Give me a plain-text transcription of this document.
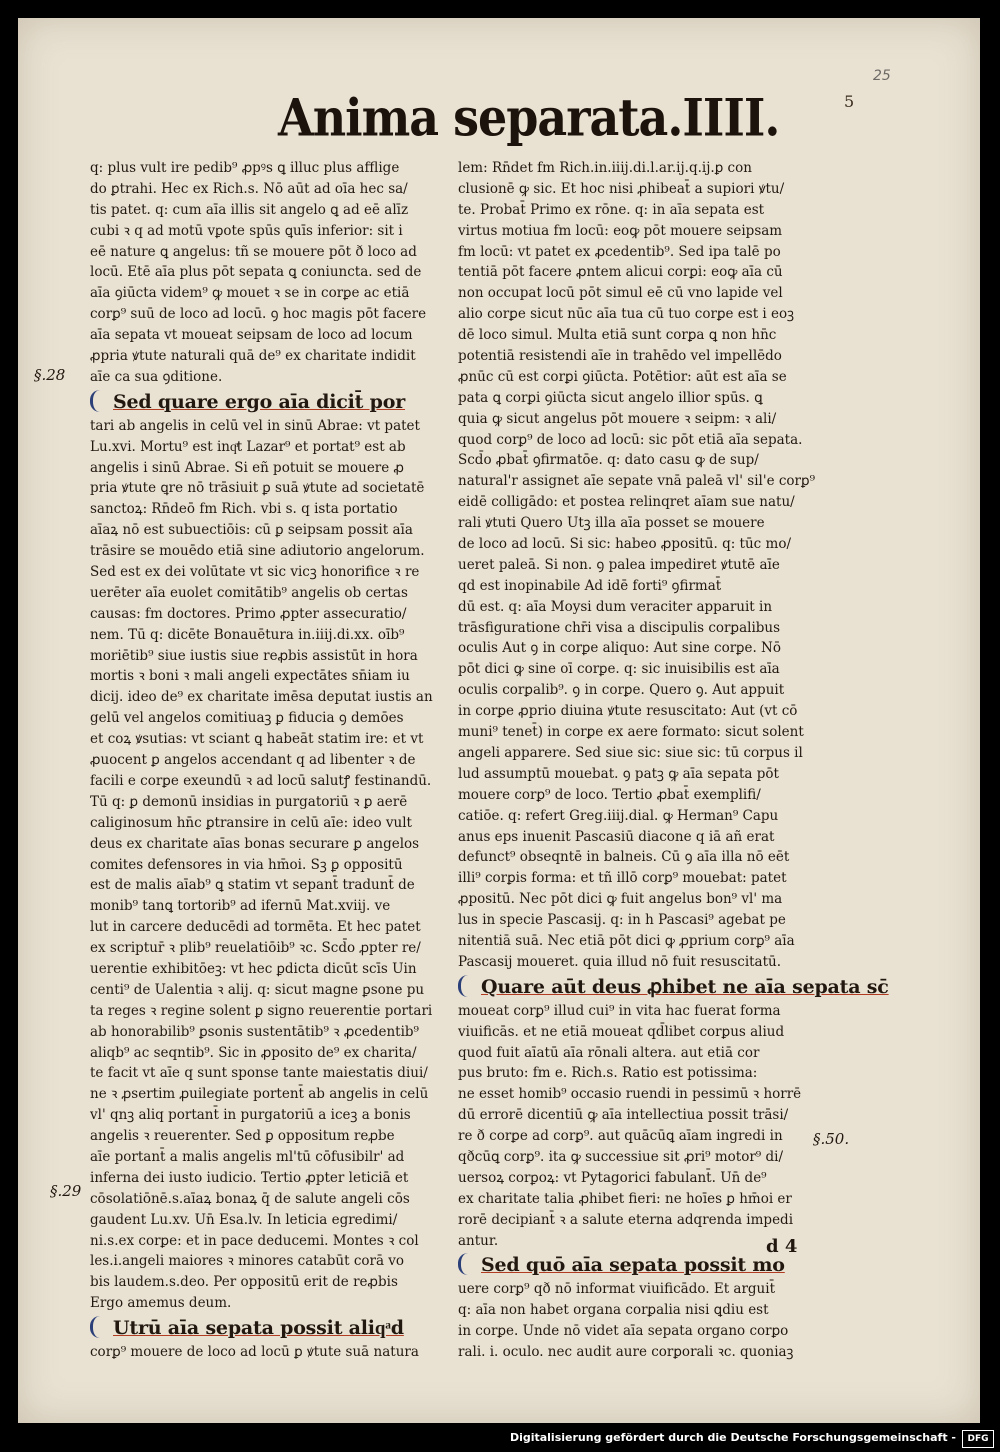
25

5

Anima separata.IIII.

q: plus vult ire pedib⁹ ꝓpꝰs ꝗ illuc plus afflige

do ꝑtrahi. Hec ex Rich.s. Nō aūt ad oīa hec sa/

tis patet. q: cum aīa illis sit angelo ꝗ ad eē alīz

cubi ꝛ q ad motū vꝑote spūs ꝗuīs inferior: sit i

eē nature ꝗ angelus: tñ se mouere pōt ð loco ad

locū. Etē aīa plus pōt sepata ꝗ coniuncta. sed de

aīa ꝯiūcta videm⁹ ꝙ mouet ꝛ se in corꝑe ac etiā

corꝑ⁹ suū de loco ad locū. ꝯ hoc magis pōt facere

aīa sepata vt moueat seipsam de loco ad locum

ꝓpria ꝟtute naturali quā de⁹ ex charitate indidit

aīe ca sua ꝯditione.

Sed quare ergo aīa dicit̄ por

tari ab angelis in celū vel in sinū Abrae: vt patet

Lu.xvi. Mortu⁹ est inqͣt Lazar⁹ et portat⁹ est ab

angelis i sinū Abrae. Si eñ potuit se mouere ꝓ

pria ꝟtute ꝗre nō trāsiuit ꝑ suā ꝟtute ad societatē

sanctoꝝ: Rn̄deō fm Rich. vbi s. q ista portatio

aīaꝝ nō est subuectiōis: cū ꝑ seipsam possit aīa

trāsire se mouēdo etiā sine adiutorio angelorum.

Sed est ex dei volūtate vt sic vicꝫ honorifice ꝛ re

uerēter aīa euolet comitātib⁹ angelis ob certas

causas: fm doctores. Primo ꝓpter assecuratio/

nem. Tū q: dicēte Bonauētura in.iiij.di.xx. oīb⁹

moriētib⁹ siue iustis siue reꝓbis assistūt in hora

mortis ꝛ boni ꝛ mali angeli expectātes sn̄iam iu

dicij. ideo de⁹ ex charitate imēsa deputat iustis an

gelū vel angelos comitiuaꝫ ꝑ fiducia ꝯ demōes

et coꝝ ꝟsutias: vt sciant ꝗ habeāt statim ire: et vt

ꝓuocent ꝑ angelos accendant q ad libenter ꝛ de

facili e corꝑe exeundū ꝛ ad locū salutꝭ festinandū.

Tū q: ꝑ demonū insidias in purgatoriū ꝛ ꝑ aerē

caliginosum hn̄c ꝑtransire in celū aīe: ideo vult

deus ex charitate aīas bonas securare ꝑ angelos

comites defensores in via hm̄oi. Sꝫ ꝑ oppositū

est de malis aīab⁹ ꝗ statim vt sepant̄ tradunt̄ de

monib⁹ tanꝗ tortorib⁹ ad ifernū Mat.xviij. ve

lut in carcere deducēdi ad tormēta. Et hec patet

ex scriptur̄ ꝛ plib⁹ reuelatiōib⁹ ꝛc. Scd̄o ꝓpter re/

uerentie exhibitōeꝫ: vt hec ꝑdicta dicūt scīs Uin

centi⁹ de Ualentia ꝛ alij. q: sicut magne ꝑsone pu

ta reges ꝛ regine solent ꝑ signo reuerentie portari

ab honorabilib⁹ ꝑsonis sustentātib⁹ ꝛ ꝓcedentib⁹

aliqb⁹ ac seqntib⁹. Sic in ꝓposito de⁹ ex charita/

te facit vt aīe q sunt sponse tante maiestatis diui/

ne ꝛ ꝓsertim ꝓuilegiate portent̄ ab angelis in celū

vl' qnꝫ aliq portant̄ in purgatoriū a iceꝫ a bonis

angelis ꝛ reuerenter. Sed ꝑ oppositum reꝓbe

aīe portant̄ a malis angelis ml'tū cōfusibilr' ad

inferna dei iusto iudicio. Tertio ꝓpter leticiā et

cōsolatiōnē.s.aīaꝝ bonaꝝ q̄ de salute angeli cōs

gaudent Lu.xv. Un̄ Esa.lv. In leticia egredimi/

ni.s.ex corꝑe: et in pace deducemi. Montes ꝛ col

les.i.angeli maiores ꝛ minores catabūt corā vo

bis laudem.s.deo. Per oppositū erit de reꝓbis

Ergo amemus deum.

Utrū aīa sepata possit aliqͣd

corꝑ⁹ mouere de loco ad locū ꝑ ꝟtute suā natura

lem: Rn̄det fm Rich.in.iiij.di.l.ar.ij.q.ij.ꝑ con

clusionē ꝙ sic. Et hoc nisi ꝓhibeat̄ a supiori ꝟtu/

te. Probat̄ Primo ex rōne. q: in aīa sepata est

virtus motiua fm locū: eoꝙ pōt mouere seipsam

fm locū: vt patet ex ꝓcedentib⁹. Sed ipa talē po

tentiā pōt facere ꝓntem alicui corꝑi: eoꝙ aīa cū

non occupat locū pōt simul eē cū vno lapide vel

alio corꝑe sicut nūc aīa tua cū tuo corꝑe est i eoꝫ

dē loco simul. Multa etiā sunt corꝑa ꝗ non hn̄c

potentiā resistendi aīe in trahēdo vel impellēdo

ꝓnūc cū est corꝑi ꝯiūcta. Potētior: aūt est aīa se

pata ꝗ corꝑi ꝯiūcta sicut angelo illior spūs. ꝗ

quia ꝙ sicut angelus pōt mouere ꝛ seipm: ꝛ ali/

quod corꝑ⁹ de loco ad locū: sic pōt etiā aīa sepata.

Scd̄o ꝓbat̄ ꝯfirmatōe. q: dato casu ꝙ de sup/

natural'r assignet aīe sepate vnā paleā vl' sil'e corꝑ⁹

eidē colligādo: et postea relinqret aīam sue natu/

rali ꝟtuti Quero Utꝫ illa aīa posset se mouere

de loco ad locū. Si sic: habeo ꝓpositū. q: tūc mo/

ueret paleā. Si non. ꝯ palea impediret ꝟtutē aīe

qd est inopinabile Ad idē forti⁹ ꝯfirmat̄

dū est. q: aīa Moysi dum veraciter apparuit in

trāsfiguratione chr̄i visa a discipulis corꝑalibus

oculis Aut ꝯ in corꝑe aliquo: Aut sine corꝑe. Nō

pōt dici ꝙ sine oī corꝑe. q: sic inuisibilis est aīa

oculis corꝑalib⁹. ꝯ in corꝑe. Quero ꝯ. Aut appuit

in corꝑe ꝓprio diuina ꝟtute resuscitato: Aut (vt cō

muni⁹ tenet̄) in corꝑe ex aere formato: sicut solent

angeli apparere. Sed siue sic: siue sic: tū corpus il

lud assumptū mouebat. ꝯ patꝫ ꝙ aīa sepata pōt

mouere corꝑ⁹ de loco. Tertio ꝓbat̄ exemplifi/

catiōe. q: refert Greg.iiij.dial. ꝙ Herman⁹ Capu

anus eps inuenit Pascasiū diacone q iā añ erat

defunct⁹ obseqntē in balneis. Cū ꝯ aīa illa nō eēt

illi⁹ corꝑis forma: et tñ illō corꝑ⁹ mouebat: patet

ꝓpositū. Nec pōt dici ꝙ fuit angelus bon⁹ vl' ma

lus in specie Pascasij. q: in h Pascasi⁹ agebat pe

nitentiā suā. Nec etiā pōt dici ꝙ ꝓprium corꝑ⁹ aīa

Pascasij moueret. quia illud nō fuit resuscitatū.

Quare aūt deus ꝓhibet ne aīa sepata sc̄

moueat corꝑ⁹ illud cui⁹ in vita hac fuerat forma

viuificās. et ne etiā moueat qd̄libet corꝑus aliud

quod fuit aīatū aīa rōnali altera. aut etiā cor

pus bruto: fm e. Rich.s. Ratio est potissima:

ne esset homib⁹ occasio ruendi in pessimū ꝛ horrē

dū errorē dicentiū ꝙ aīa intellectiua possit trāsi/

re ð corꝑe ad corꝑ⁹. aut quācūꝗ aīam ingredi in

qðcūꝗ corꝑ⁹. ita ꝙ successiue sit ꝓri⁹ motor⁹ di/

uersoꝝ corꝑoꝝ: vt Pytagorici fabulant̄. Un̄ de⁹

ex charitate talia ꝓhibet fieri: ne hoīes ꝑ hm̄oi er

rorē decipiant̄ ꝛ a salute eterna adqrenda impedi

antur.

Sed quō aīa sepata possit mo

uere corꝑ⁹ qð nō informat viuificādo. Et arguit̄

q: aīa non habet organa corꝑalia nisi ꝗdiu est

in corꝑe. Unde nō videt aīa sepata organo corꝑo

rali. i. oculo. nec audit aure corꝑorali ꝛc. quoniaꝫ

§.28

§.29

§.50.

d 4

Digitalisierung gefördert durch die Deutsche Forschungsgemeinschaft -	DFG
